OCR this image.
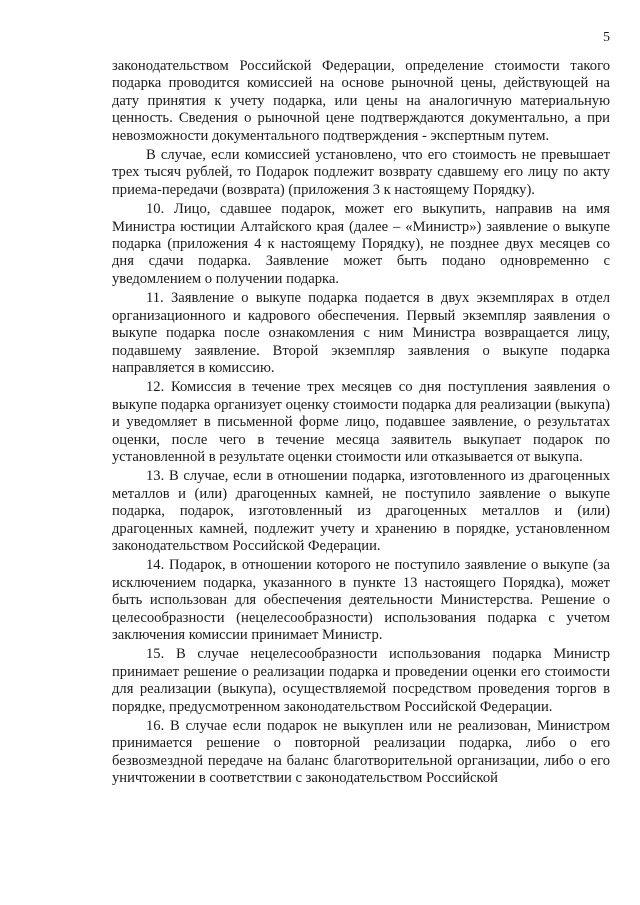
5

законодательством Российской Федерации, определение стоимости такого подарка проводится комиссией на основе рыночной цены, действующей на дату принятия к учету подарка, или цены на аналогичную материальную ценность. Сведения о рыночной цене подтверждаются документально, а при невозможности документального подтверждения - экспертным путем.

В случае, если комиссией установлено, что его стоимость не превышает трех тысяч рублей, то Подарок подлежит возврату сдавшему его лицу по акту приема-передачи (возврата) (приложения 3 к настоящему Порядку).

10. Лицо, сдавшее подарок, может его выкупить, направив на имя Министра юстиции Алтайского края (далее – «Министр») заявление о выкупе подарка (приложения 4 к настоящему Порядку), не позднее двух месяцев со дня сдачи подарка. Заявление может быть подано одновременно с уведомлением о получении подарка.

11. Заявление о выкупе подарка подается в двух экземплярах в отдел организационного и кадрового обеспечения. Первый экземпляр заявления о выкупе подарка после ознакомления с ним Министра возвращается лицу, подавшему заявление. Второй экземпляр заявления о выкупе подарка направляется в комиссию.

12. Комиссия в течение трех месяцев со дня поступления заявления о выкупе подарка организует оценку стоимости подарка для реализации (выкупа) и уведомляет в письменной форме лицо, подавшее заявление, о результатах оценки, после чего в течение месяца заявитель выкупает подарок по установленной в результате оценки стоимости или отказывается от выкупа.

13. В случае, если в отношении подарка, изготовленного из драгоценных металлов и (или) драгоценных камней, не поступило заявление о выкупе подарка, подарок, изготовленный из драгоценных металлов и (или) драгоценных камней, подлежит учету и хранению в порядке, установленном законодательством Российской Федерации.

14. Подарок, в отношении которого не поступило заявление о выкупе (за исключением подарка, указанного в пункте 13 настоящего Порядка), может быть использован для обеспечения деятельности Министерства. Решение о целесообразности (нецелесообразности) использования подарка с учетом заключения комиссии принимает Министр.

15. В случае нецелесообразности использования подарка Министр принимает решение о реализации подарка и проведении оценки его стоимости для реализации (выкупа), осуществляемой посредством проведения торгов в порядке, предусмотренном законодательством Российской Федерации.

16. В случае если подарок не выкуплен или не реализован, Министром принимается решение о повторной реализации подарка, либо о его безвозмездной передаче на баланс благотворительной организации, либо о его уничтожении в соответствии с законодательством Российской
